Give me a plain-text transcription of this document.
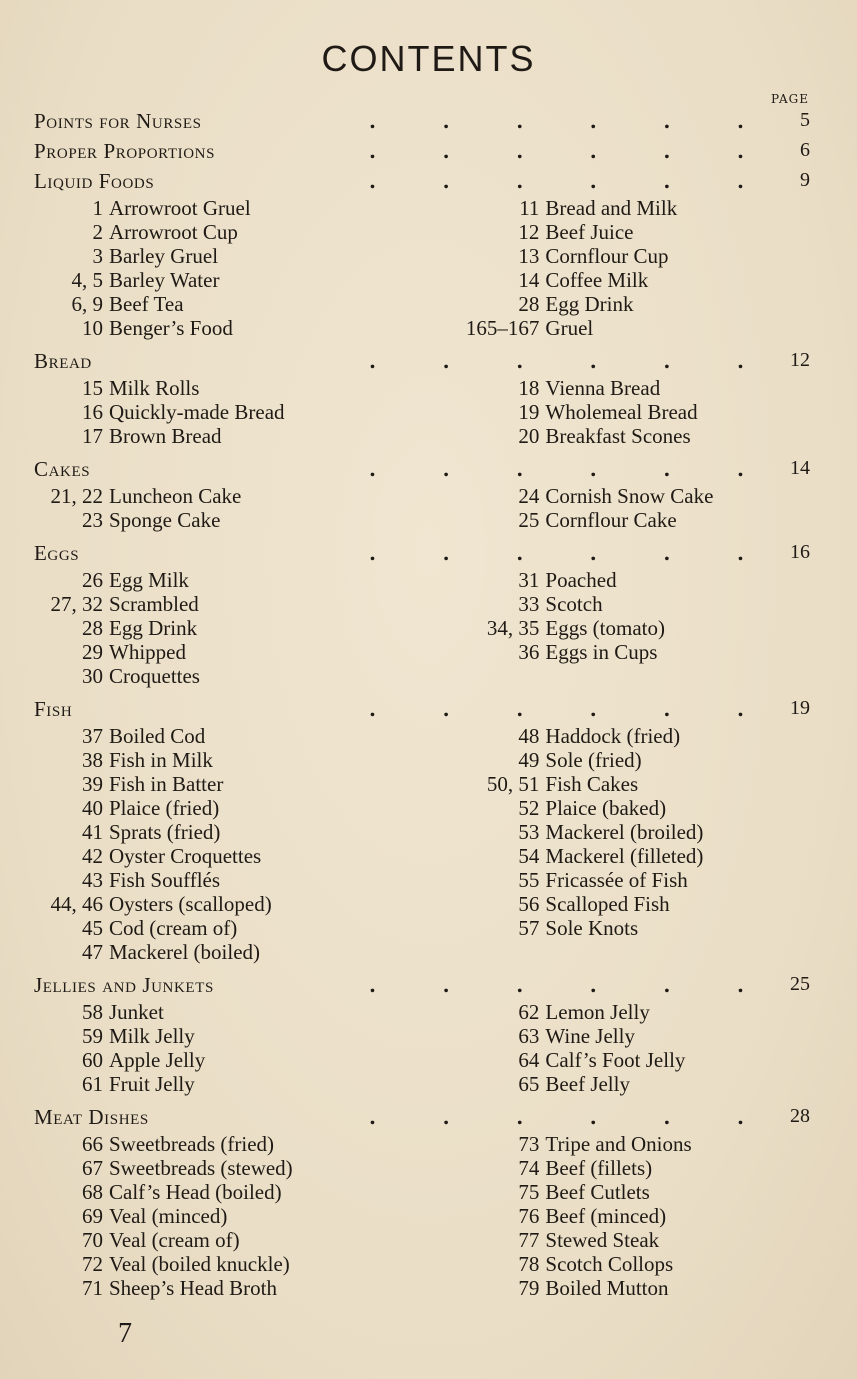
CONTENTS
PAGE
Points for Nurses	.	.	.	.	.	.	5
Proper Proportions	.	.	.	.	.	.	6
Liquid Foods	.	.	.	.	.	.	9
1 Arrowroot Gruel
2 Arrowroot Cup
3 Barley Gruel
4, 5 Barley Water
6, 9 Beef Tea
10 Benger’s Food
11 Bread and Milk
12 Beef Juice
13 Cornflour Cup
14 Coffee Milk
28 Egg Drink
165–167 Gruel
Bread	.	.	.	.	.	. 12
15 Milk Rolls
16 Quickly-made Bread
17 Brown Bread
18 Vienna Bread
19 Wholemeal Bread
20 Breakfast Scones
Cakes	.	.	.	.	.	. 14
21, 22 Luncheon Cake
23 Sponge Cake
24 Cornish Snow Cake
25 Cornflour Cake
Eggs	.	.	.	.	.	. 16
26 Egg Milk
27, 32 Scrambled
28 Egg Drink
29 Whipped
30 Croquettes
31 Poached
33 Scotch
34, 35 Eggs (tomato)
36 Eggs in Cups
Fish	.	.	.	.	.	. 19
37 Boiled Cod
38 Fish in Milk
39 Fish in Batter
40 Plaice (fried)
41 Sprats (fried)
42 Oyster Croquettes
43 Fish Soufflés
44, 46 Oysters (scalloped)
45 Cod (cream of)
47 Mackerel (boiled)
48 Haddock (fried)
49 Sole (fried)
50, 51 Fish Cakes
52 Plaice (baked)
53 Mackerel (broiled)
54 Mackerel (filleted)
55 Fricassée of Fish
56 Scalloped Fish
57 Sole Knots
Jellies and Junkets	.	.	.	.	.	. 25
58 Junket
59 Milk Jelly
60 Apple Jelly
61 Fruit Jelly
62 Lemon Jelly
63 Wine Jelly
64 Calf’s Foot Jelly
65 Beef Jelly
Meat Dishes	.	.	.	.	.	. 28
66 Sweetbreads (fried)
67 Sweetbreads (stewed)
68 Calf’s Head (boiled)
69 Veal (minced)
70 Veal (cream of)
72 Veal (boiled knuckle)
71 Sheep’s Head Broth
73 Tripe and Onions
74 Beef (fillets)
75 Beef Cutlets
76 Beef (minced)
77 Stewed Steak
78 Scotch Collops
79 Boiled Mutton
7
